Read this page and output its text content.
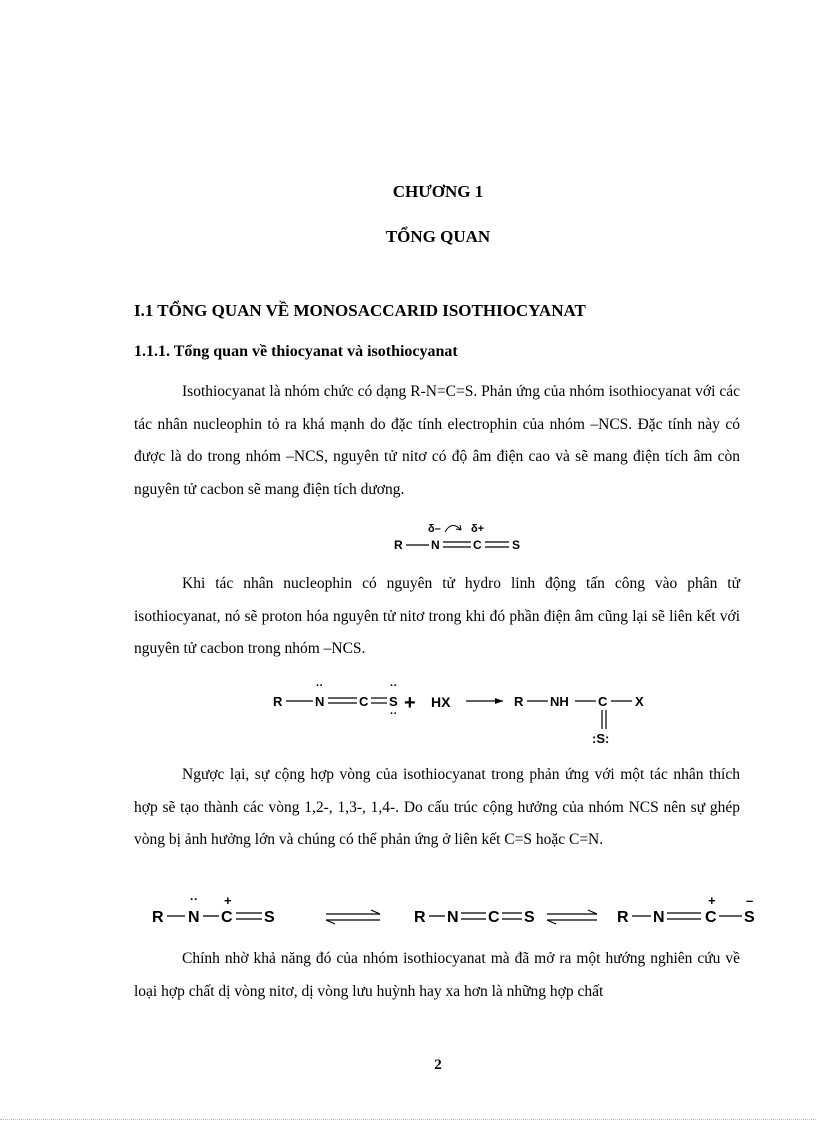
CHƯƠNG 1
TỔNG QUAN
I.1 TỔNG QUAN VỀ MONOSACCARID ISOTHIOCYANAT
1.1.1. Tổng quan về thiocyanat và isothiocyanat

Isothiocyanat là nhóm chức có dạng R-N=C=S. Phản ứng của nhóm isothiocyanat với các tác nhân nucleophin tỏ ra khá mạnh do đặc tính electrophin của nhóm –NCS. Đặc tính này có được là do trong nhóm –NCS, nguyên tử nitơ có độ âm điện cao và sẽ mang điện tích âm còn nguyên tử cacbon sẽ mang điện tích dương.

R N	C	S
δ–	δ+

Khi tác nhân nucleophin có nguyên tử hydro linh động tấn công vào phân tử isothiocyanat, nó sẽ proton hóa nguyên tử nitơ trong khi đó phần điện âm cũng lại sẽ liên kết với nguyên tử cacbon trong nhóm –NCS.

R	N
··
C S
··
·· + HX	R NH C X
:S:

Ngược lại, sự cộng hợp vòng của isothiocyanat trong phản ứng với một tác nhân thích hợp sẽ tạo thành các vòng 1,2-, 1,3-, 1,4-. Do cấu trúc cộng hưởng của nhóm NCS nên sự ghép vòng bị ảnh hưởng lớn và chúng có thể phản ứng ở liên kết C=S hoặc C=N.

R N
··
C
+
S	R N C S	R N	C
+
S
–

Chính nhờ khả năng đó của nhóm isothiocyanat mà đã mở ra một hướng nghiên cứu về loại hợp chất dị vòng nitơ, dị vòng lưu huỳnh hay xa hơn là những hợp chất

2
